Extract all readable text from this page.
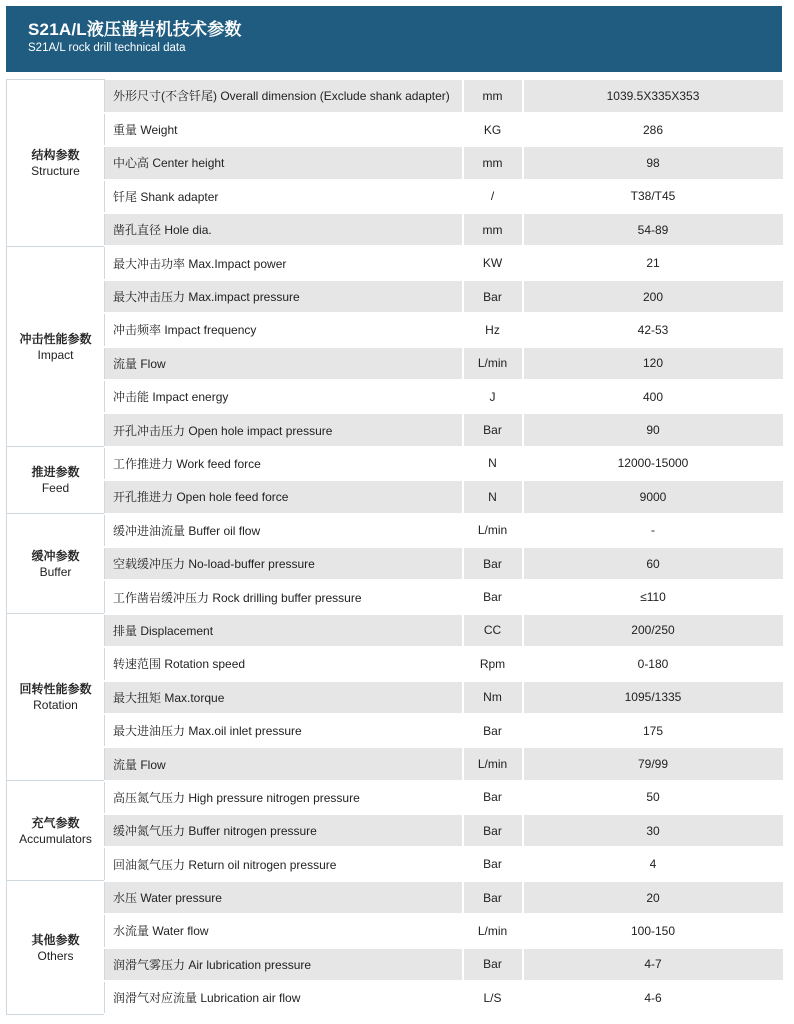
S21A/L液压凿岩机技术参数
S21A/L rock drill technical data
结构参数
Structure	外形尺寸(不含钎尾) Overall dimension (Exclude shank adapter)	mm	1039.5X335X353
	重量 Weight	KG	286
	中心高 Center height	mm	98
	钎尾 Shank adapter	/	T38/T45
	凿孔直径 Hole dia.	mm	54-89

冲击性能参数
Impact	最大冲击功率 Max.Impact power	KW	21
	最大冲击压力 Max.impact pressure	Bar	200
	冲击频率 Impact frequency	Hz	42-53
	流量 Flow	L/min	120
	冲击能 Impact energy	J	400
	开孔冲击压力 Open hole impact pressure	Bar	90

推进参数
Feed	工作推进力 Work feed force	N	12000-15000
	开孔推进力 Open hole feed force	N	9000

缓冲参数
Buffer	缓冲进油流量 Buffer oil flow	L/min	-
	空载缓冲压力 No-load-buffer pressure	Bar	60
	工作凿岩缓冲压力 Rock drilling buffer pressure	Bar	≤110

回转性能参数
Rotation	排量 Displacement	CC	200/250
	转速范围 Rotation speed	Rpm	0-180
	最大扭矩 Max.torque	Nm	1095/1335
	最大进油压力 Max.oil inlet pressure	Bar	175
	流量 Flow	L/min	79/99

充气参数
Accumulators	高压氮气压力 High pressure nitrogen pressure	Bar	50
	缓冲氮气压力 Buffer nitrogen pressure	Bar	30
	回油氮气压力 Return oil nitrogen pressure	Bar	4

其他参数
Others	水压 Water pressure	Bar	20
	水流量 Water flow	L/min	100-150
	润滑气雾压力 Air lubrication pressure	Bar	4-7
	润滑气对应流量 Lubrication air flow	L/S	4-6
